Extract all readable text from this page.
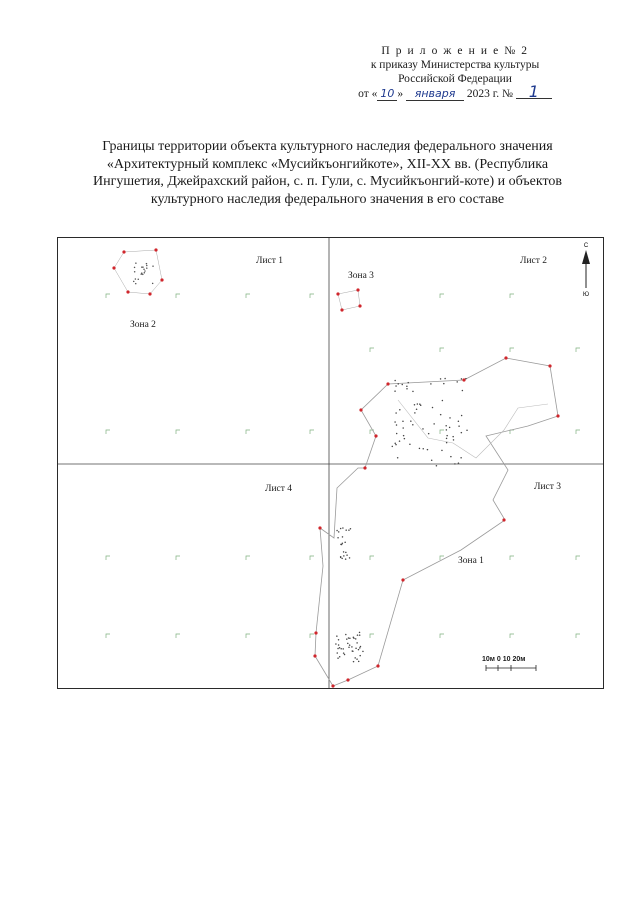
П р и л о ж е н и е № 2
к приказу Министерства культуры
Российской Федерации
от « 10 » января 2023 г. № 1
Границы территории объекта культурного наследия федерального значения
«Архитектурный комплекс «Мусийкъонгийкоте», XII-XX вв. (Республика
Ингушетия, Джейрахский район, с. п. Гули, с. Мусийкъонгий-коте) и объектов
культурного наследия федерального значения в его составе
С
Ю
Лист 1	Лист 2
Лист 3
Лист 4
Зона 1
Зона 2
Зона 3
10м 0 10 20м
